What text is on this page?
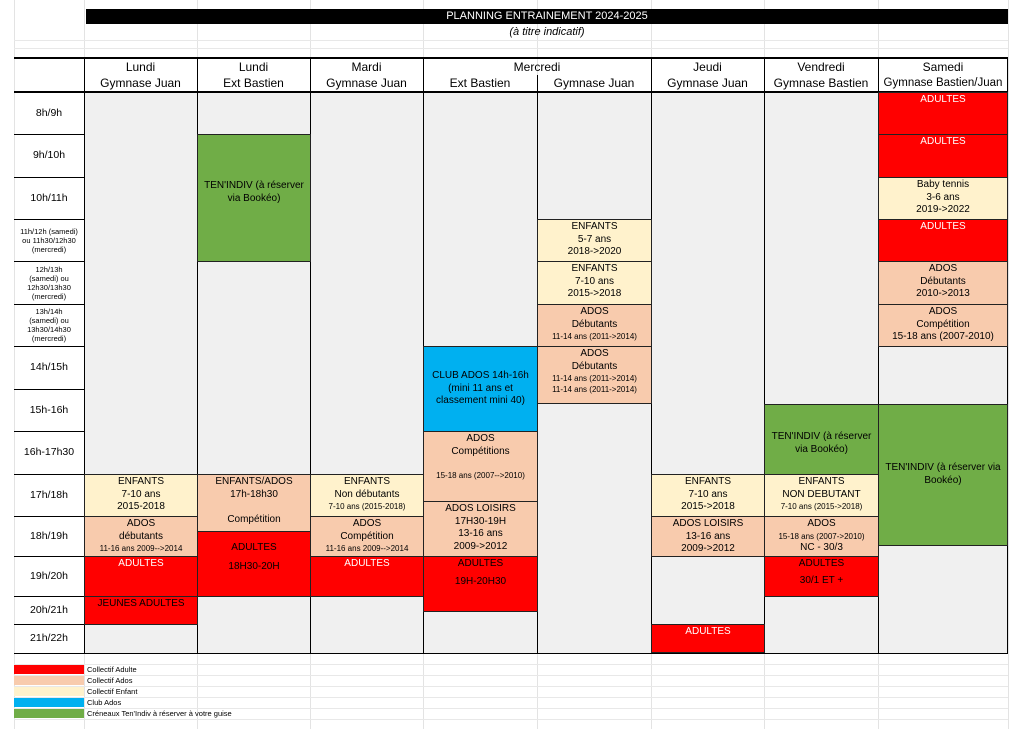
PLANNING ENTRAINEMENT 2024-2025
(à titre indicatif)
Lundi
Gymnase Juan
Lundi
Ext Bastien
Mardi
Gymnase Juan
Mercredi
Ext Bastien	Gymnase Juan
Jeudi
Gymnase Juan
Vendredi
Gymnase Bastien
Samedi
Gymnase Bastien/Juan
8h/9h
9h/10h
10h/11h
11h/12h (samedi)
ou 11h30/12h30
(mercredi)
12h/13h
(samedi) ou
12h30/13h30
(mercredi)
13h/14h
(samedi) ou
13h30/14h30
(mercredi)
14h/15h
15h-16h
16h-17h30
17h/18h
18h/19h
19h/20h
20h/21h
21h/22h
ENFANTS
7-10 ans
2015-2018
ADOS
débutants
11-16 ans 2009-->2014
ADULTES
JEUNES ADULTES
TEN'INDIV (à réserver
via Bookéo)
ENFANTS/ADOS
17h-18h30
Compétition
ADULTES
18H30-20H
ENFANTS
Non débutants
7-10 ans (2015-2018)
ADOS
Compétition
11-16 ans 2009-->2014
ADULTES
CLUB ADOS 14h-16h
(mini 11 ans et
classement mini 40)
ADOS
Compétitions
15-18 ans (2007-->2010)
ADOS LOISIRS
17H30-19H
13-16 ans
2009->2012
ADULTES
19H-20H30
ENFANTS
5-7 ans
2018->2020
ENFANTS
7-10 ans
2015->2018
ADOS
Débutants
11-14 ans (2011->2014)
ADOS
Débutants
11-14 ans (2011->2014)
11-14 ans (2011->2014)
ENFANTS
7-10 ans
2015->2018
ADOS LOISIRS
13-16 ans
2009->2012
ADULTES
TEN'INDIV (à réserver
via Bookéo)
ENFANTS
NON DEBUTANT
7-10 ans (2015->2018)
ADOS
15-18 ans (2007->2010)
NC - 30/3
ADULTES
30/1 ET +
ADULTES
ADULTES
Baby tennis
3-6 ans
2019->2022
ADULTES
ADOS
Débutants
2010->2013
ADOS
Compétition
15-18 ans (2007-2010)
TEN'INDIV (à réserver via
Bookéo)
Collectif Adulte
Collectif Ados
Collectif Enfant
Club Ados
Créneaux Ten'Indiv à réserver à votre guise
